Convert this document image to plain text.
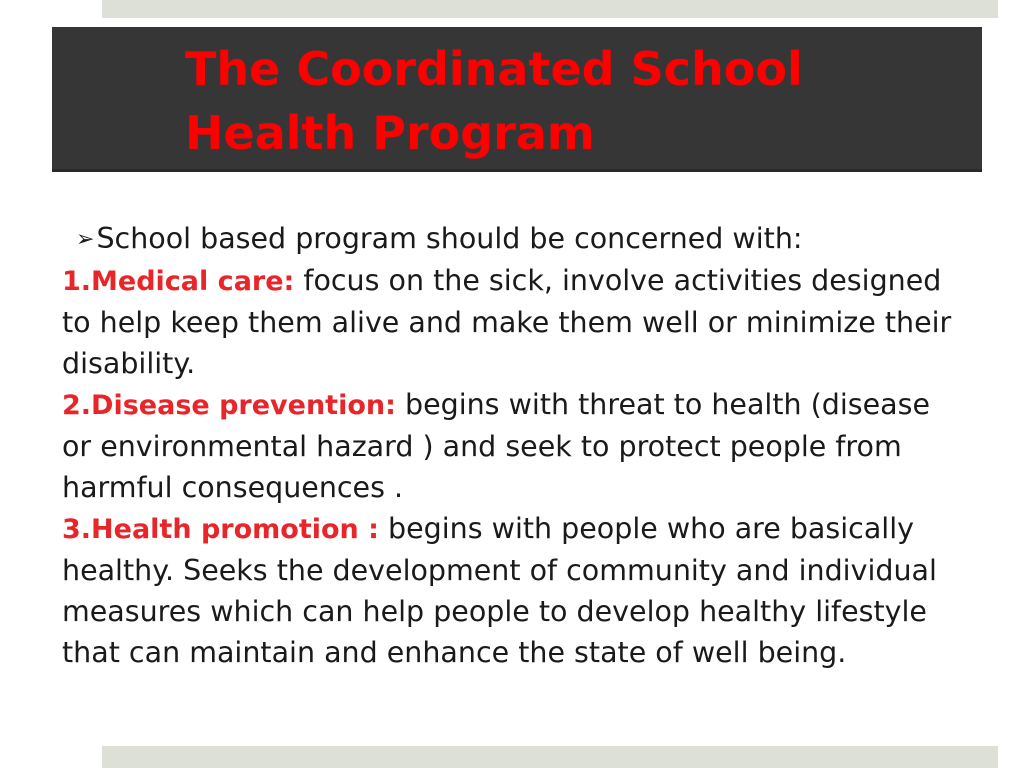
The Coordinated School Health Program

➢School based program should be concerned with:

1.Medical care: focus on the sick, involve activities designed to help keep them alive and make them well or minimize their disability.

2.Disease prevention: begins with threat to health (disease or environmental hazard ) and seek to protect people from harmful consequences .

3.Health promotion : begins with people who are basically healthy. Seeks the development of community and individual measures which can help people to develop healthy lifestyle that can maintain and enhance the state of well being.
